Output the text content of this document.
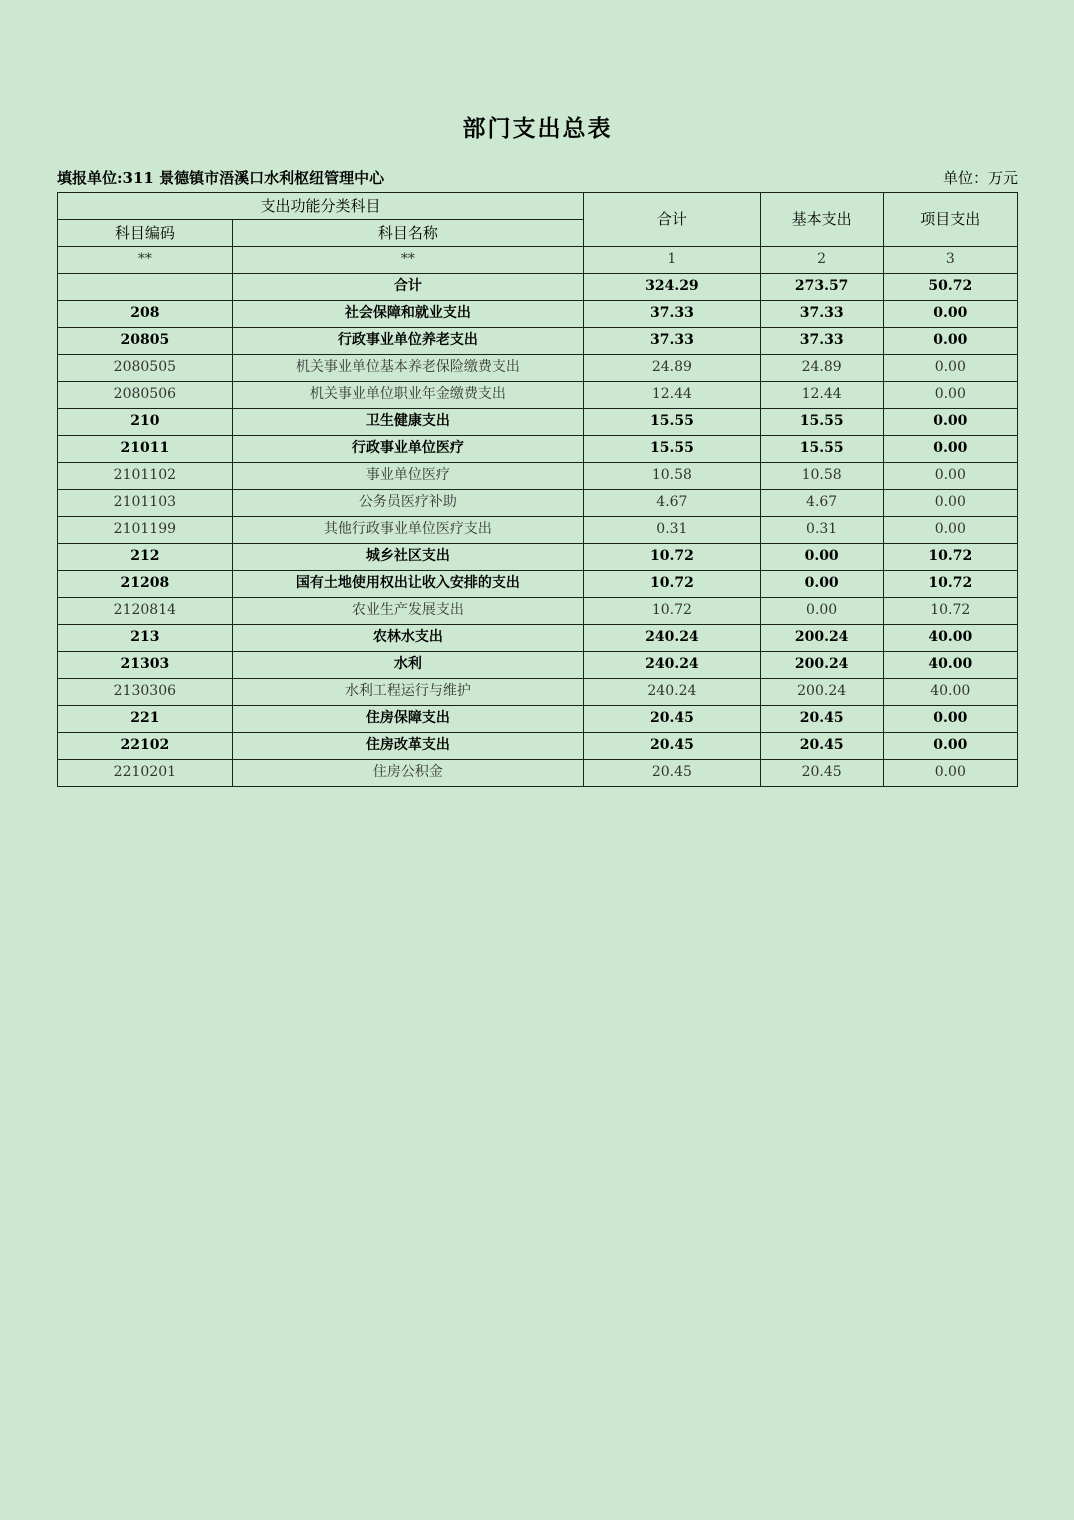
部门支出总表
填报单位:311 景德镇市浯溪口水利枢纽管理中心	单位：万元
支出功能分类科目		合计	基本支出	项目支出
科目编码	科目名称			
**	**	1	2	3
	合计	324.29	273.57	50.72
208	社会保障和就业支出	37.33	37.33	0.00
20805	行政事业单位养老支出	37.33	37.33	0.00
2080505	机关事业单位基本养老保险缴费支出	24.89	24.89	0.00
2080506	机关事业单位职业年金缴费支出	12.44	12.44	0.00
210	卫生健康支出	15.55	15.55	0.00
21011	行政事业单位医疗	15.55	15.55	0.00
2101102	事业单位医疗	10.58	10.58	0.00
2101103	公务员医疗补助	4.67	4.67	0.00
2101199	其他行政事业单位医疗支出	0.31	0.31	0.00
212	城乡社区支出	10.72	0.00	10.72
21208	国有土地使用权出让收入安排的支出	10.72	0.00	10.72
2120814	农业生产发展支出	10.72	0.00	10.72
213	农林水支出	240.24	200.24	40.00
21303	水利	240.24	200.24	40.00
2130306	水利工程运行与维护	240.24	200.24	40.00
221	住房保障支出	20.45	20.45	0.00
22102	住房改革支出	20.45	20.45	0.00
2210201	住房公积金	20.45	20.45	0.00
